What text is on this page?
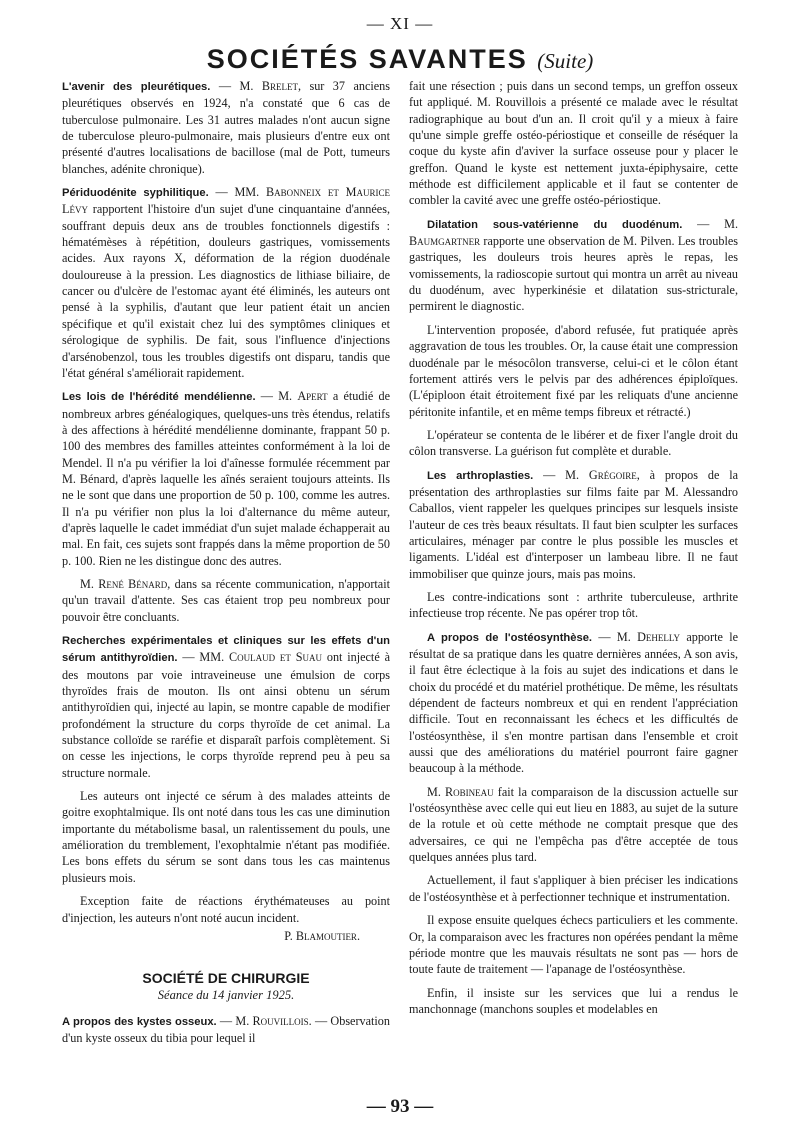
— XI —
SOCIÉTÉS SAVANTES (Suite)

L'avenir des pleurétiques. — M. Brelet, sur 37 anciens pleurétiques observés en 1924, n'a constaté que 6 cas de tuberculose pulmonaire. Les 31 autres malades n'ont aucun signe de tuberculose pleuro-pulmonaire, mais plusieurs d'entre eux ont présenté d'autres localisations de bacillose (mal de Pott, tumeurs blanches, adénite chronique).

Périduodénite syphilitique. — MM. Babonneix et Maurice Lévy rapportent l'histoire d'un sujet d'une cinquantaine d'années, souffrant depuis deux ans de troubles fonctionnels digestifs : hématémèses à répétition, douleurs gastriques, vomissements acides. Aux rayons X, déformation de la région duodénale douloureuse à la pression. Les diagnostics de lithiase biliaire, de cancer ou d'ulcère de l'estomac ayant été éliminés, les auteurs ont pensé à la syphilis, d'autant que leur patient était un ancien spécifique et qu'il existait chez lui des symptômes cliniques et sérologique de syphilis. De fait, sous l'influence d'injections d'arsénobenzol, tous les troubles digestifs ont disparu, tandis que l'état général s'améliorait rapidement.

Les lois de l'hérédité mendélienne. — M. Apert a étudié de nombreux arbres généalogiques, quelques-uns très étendus, relatifs à des affections à hérédité mendélienne dominante, frappant 50 p. 100 des membres des familles atteintes conformément à la loi de Mendel. Il n'a pu vérifier la loi d'aînesse formulée récemment par M. Bénard, d'après laquelle les aînés seraient toujours atteints. Ils ne le sont que dans une proportion de 50 p. 100, comme les autres. Il n'a pu vérifier non plus la loi d'alternance du même auteur, d'après laquelle le cadet immédiat d'un sujet malade échapperait au mal. En fait, ces sujets sont frappés dans la même proportion de 50 p. 100. Rien ne les distingue donc des autres.

M. René Bénard, dans sa récente communication, n'apportait qu'un travail d'attente. Ses cas étaient trop peu nombreux pour pouvoir être concluants.

Recherches expérimentales et cliniques sur les effets d'un sérum antithyroïdien. — MM. Coulaud et Suau ont injecté à des moutons par voie intraveineuse une émulsion de corps thyroïdes frais de mouton. Ils ont ainsi obtenu un sérum antithyroïdien qui, injecté au lapin, se montre capable de modifier profondément la structure du corps thyroïde de cet animal. La substance colloïde se raréfie et disparaît parfois complètement. Si on cesse les injections, le corps thyroïde reprend peu à peu sa structure normale.

Les auteurs ont injecté ce sérum à des malades atteints de goitre exophtalmique. Ils ont noté dans tous les cas une diminution importante du métabolisme basal, un ralentissement du pouls, une amélioration du tremblement, l'exophtalmie n'étant pas modifiée. Les bons effets du sérum se sont dans tous les cas maintenus plusieurs mois.

Exception faite de réactions érythémateuses au point d'injection, les auteurs n'ont noté aucun incident.

P. Blamoutier.
SOCIÉTÉ DE CHIRURGIE
Séance du 14 janvier 1925.

A propos des kystes osseux. — M. Rouvillois. — Observation d'un kyste osseux du tibia pour lequel il

fait une résection ; puis dans un second temps, un greffon osseux fut appliqué. M. Rouvillois a présenté ce malade avec le résultat radiographique au bout d'un an. Il croit qu'il y a mieux à faire qu'une simple greffe ostéo-périostique et conseille de réséquer la coque du kyste afin d'aviver la surface osseuse pour y placer le greffon. Quand le kyste est nettement juxta-épiphysaire, cette méthode est difficilement applicable et il faut se contenter de combler la cavité avec une greffe ostéo-périostique.

Dilatation sous-vatérienne du duodénum. — M. Baumgartner rapporte une observation de M. Pilven. Les troubles gastriques, les douleurs trois heures après le repas, les vomissements, la radioscopie surtout qui montra un arrêt au niveau du duodénum, avec hyperkinésie et dilatation sus-stricturale, permirent le diagnostic.

L'intervention proposée, d'abord refusée, fut pratiquée après aggravation de tous les troubles. Or, la cause était une compression duodénale par le mésocôlon transverse, celui-ci et le côlon étant fortement attirés vers le pelvis par des adhérences épiploïques. (L'épiploon était étroitement fixé par les reliquats d'une ancienne péritonite infantile, et en même temps fibreux et rétracté.)

L'opérateur se contenta de le libérer et de fixer l'angle droit du côlon transverse. La guérison fut complète et durable.

Les arthroplasties. — M. Grégoire, à propos de la présentation des arthroplasties sur films faite par M. Alessandro Caballos, vient rappeler les quelques principes sur lesquels insiste l'auteur de ces très beaux résultats. Il faut bien sculpter les surfaces articulaires, ménager par contre le plus possible les muscles et ligaments. L'idéal est d'interposer un lambeau libre. Il ne faut immobiliser que quinze jours, mais pas moins.

Les contre-indications sont : arthrite tuberculeuse, arthrite infectieuse trop récente. Ne pas opérer trop tôt.

A propos de l'ostéosynthèse. — M. Dehelly apporte le résultat de sa pratique dans les quatre dernières années, A son avis, il faut être éclectique à la fois au sujet des indications et dans le choix du procédé et du matériel prothétique. De même, les résultats dépendent de facteurs nombreux et qui en rendent l'appréciation difficile. Tout en reconnaissant les échecs et les difficultés de l'ostéosynthèse, il s'en montre partisan dans l'ensemble et croit aussi que des améliorations du matériel pourront faire gagner beaucoup à la méthode.

M. Robineau fait la comparaison de la discussion actuelle sur l'ostéosynthèse avec celle qui eut lieu en 1883, au sujet de la suture de la rotule et où cette méthode ne comptait presque que des adversaires, ce qui ne l'empêcha pas d'être acceptée de tous quelques années plus tard.

Actuellement, il faut s'appliquer à bien préciser les indications de l'ostéosynthèse et à perfectionner technique et instrumentation.

Il expose ensuite quelques échecs particuliers et les commente. Or, la comparaison avec les fractures non opérées pendant la même période montre que les mauvais résultats ne sont pas — hors de toute faute de traitement — l'apanage de l'ostéosynthèse.

Enfin, il insiste sur les services que lui a rendus le manchonnage (manchons souples et modelables en

— 93 —
